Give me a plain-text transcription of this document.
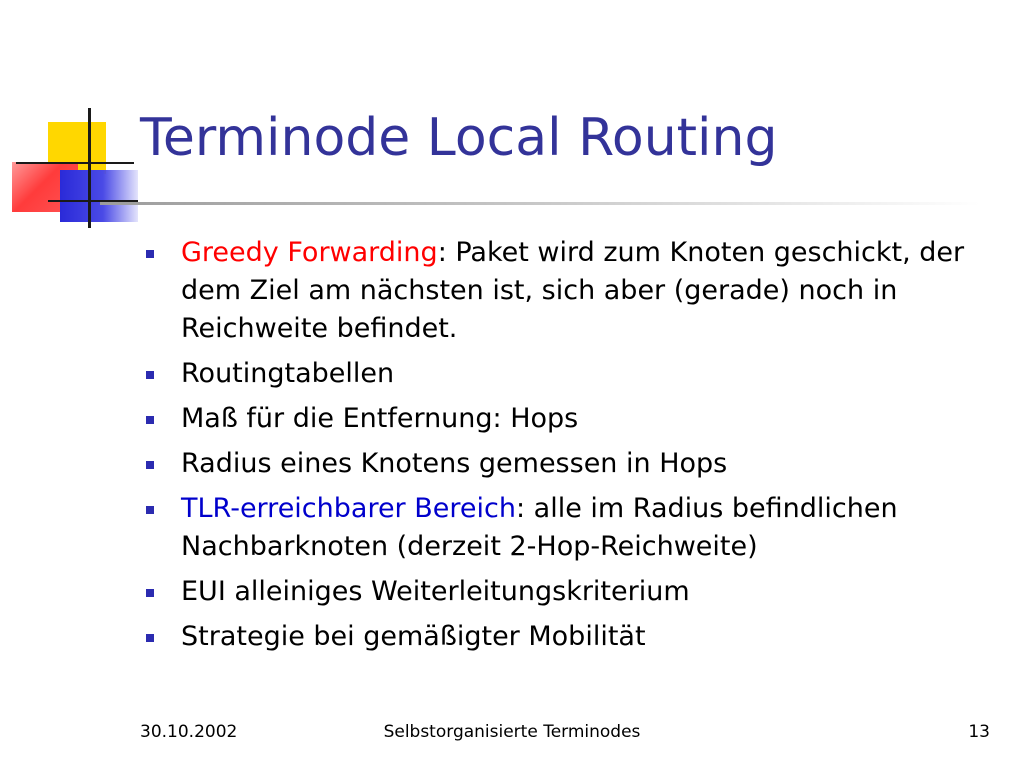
Terminode Local Routing
Greedy Forwarding: Paket wird zum Knoten geschickt, der dem Ziel am nächsten ist, sich aber (gerade) noch in Reichweite befindet.
Routingtabellen
Maß für die Entfernung: Hops
Radius eines Knotens gemessen in Hops
TLR-erreichbarer Bereich: alle im Radius befindlichen Nachbarknoten (derzeit 2-Hop-Reichweite)
EUI alleiniges Weiterleitungskriterium
Strategie bei gemäßigter Mobilität
30.10.2002	Selbstorganisierte Terminodes	13
